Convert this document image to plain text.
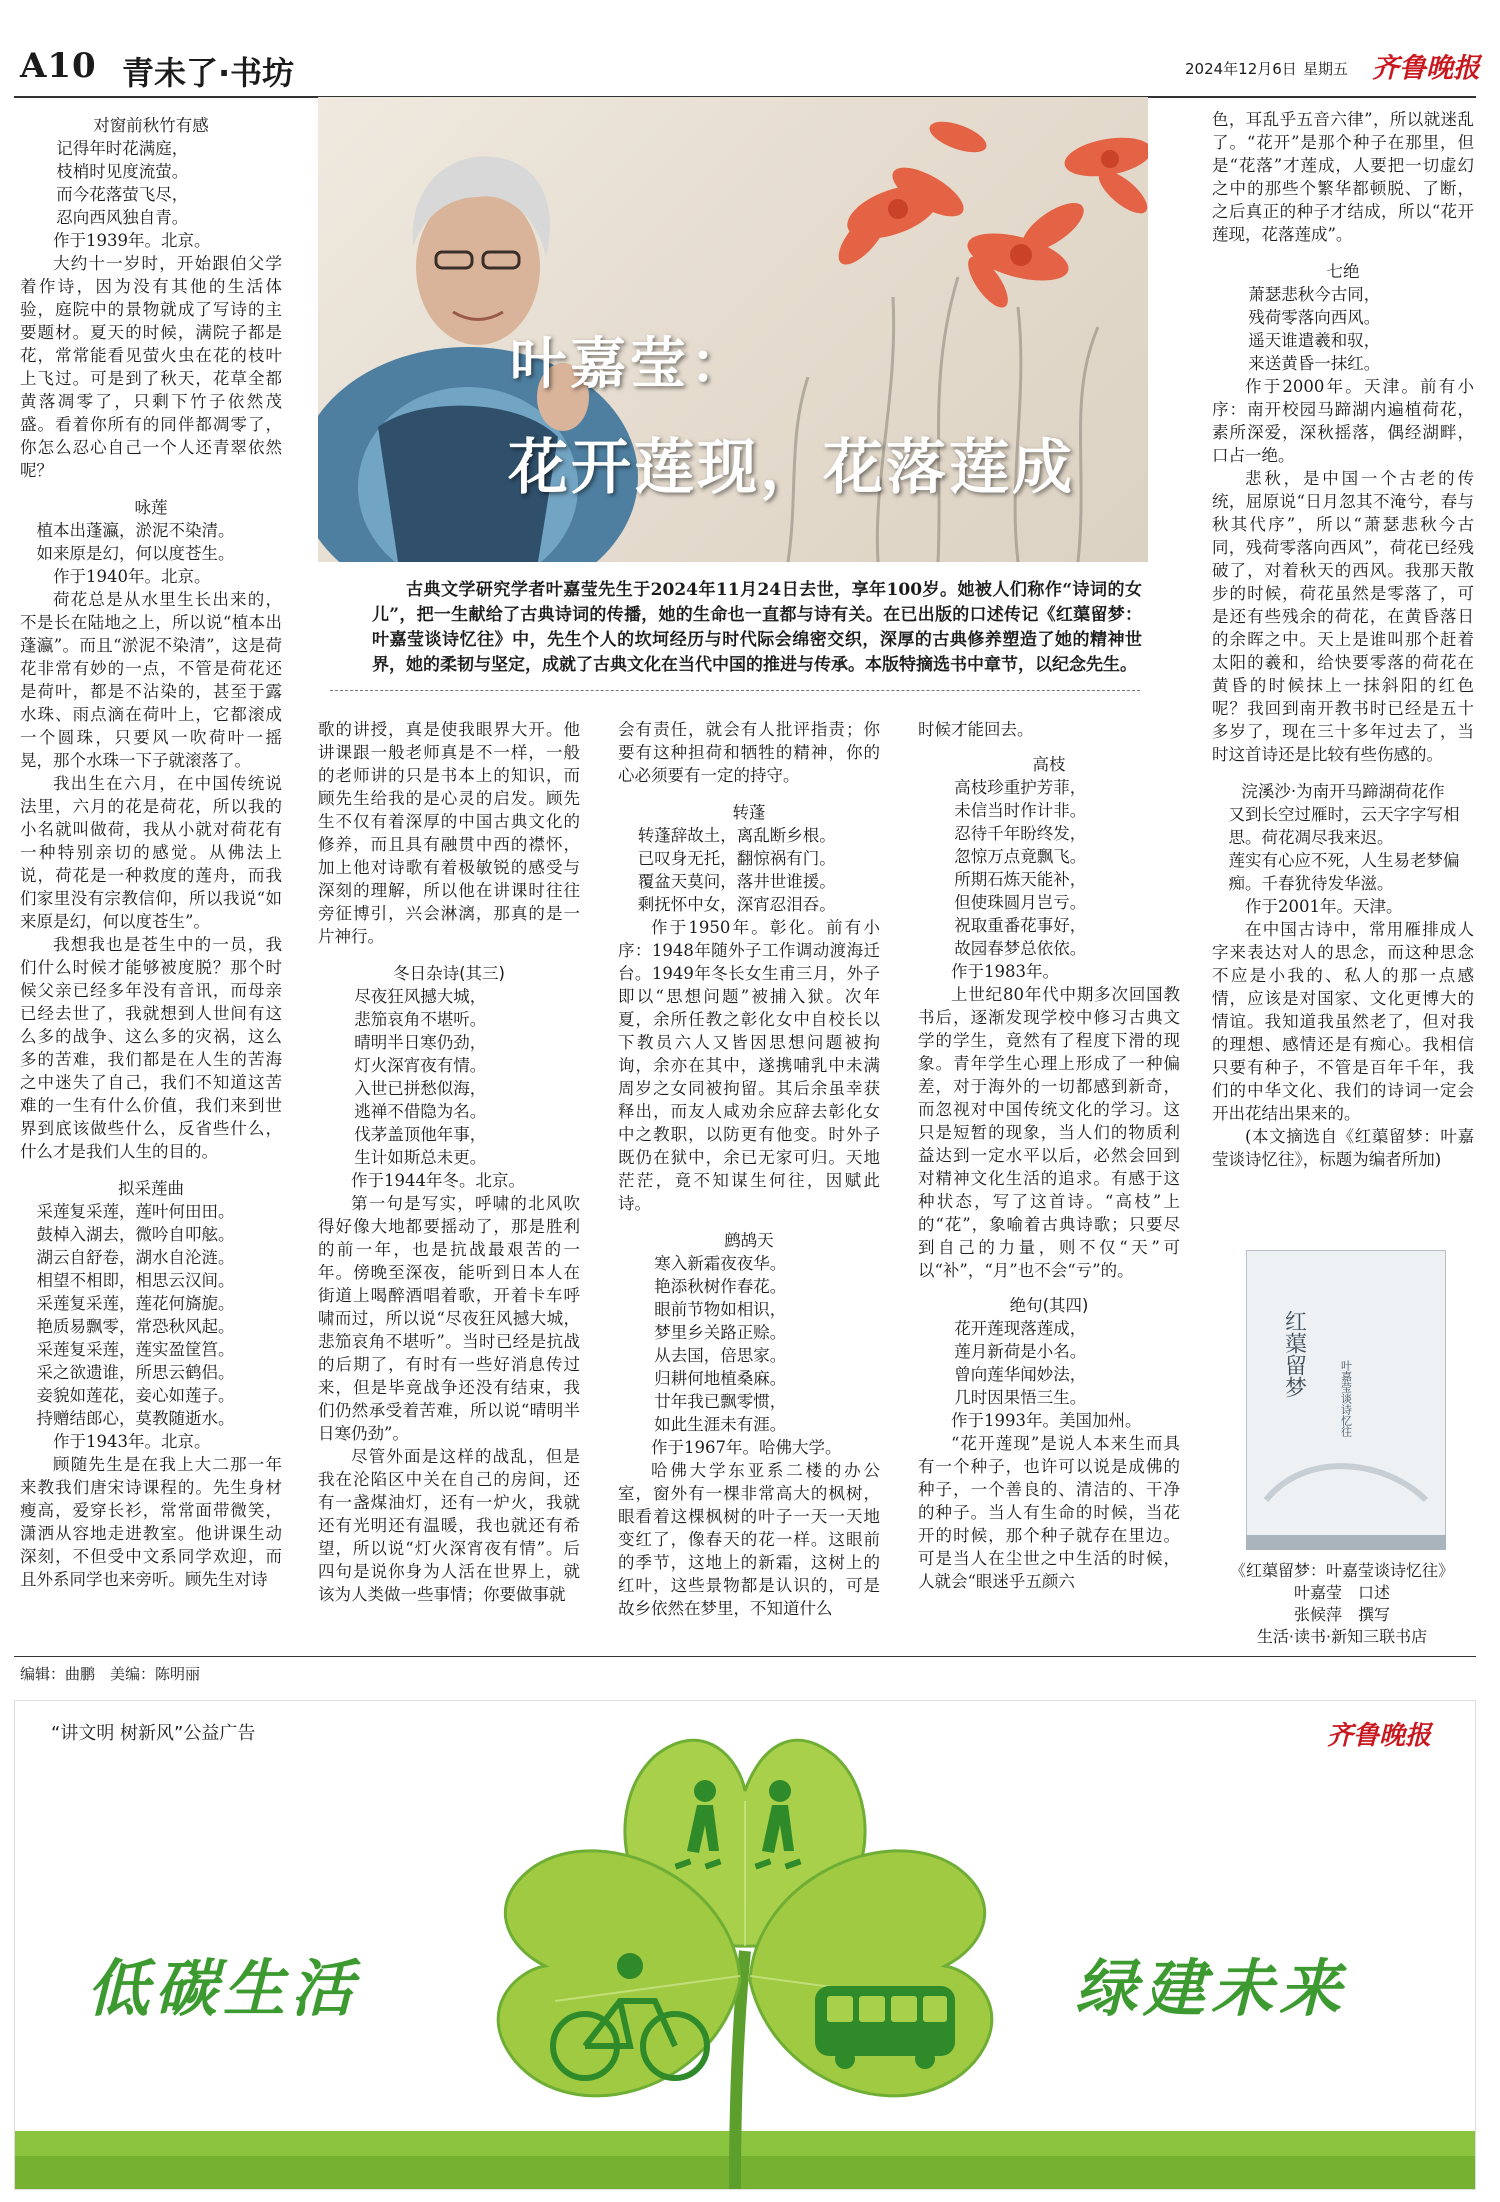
A10 青未了·书坊	2024年12月6日 星期五 齐鲁晚报
叶嘉莹：
花开莲现，花落莲成
古典文学研究学者叶嘉莹先生于2024年11月24日去世，享年100岁。她被人们称作“诗词的女儿”，把一生献给了古典诗词的传播，她的生命也一直都与诗有关。在已出版的口述传记《红蕖留梦：叶嘉莹谈诗忆往》中，先生个人的坎坷经历与时代际会绵密交织，深厚的古典修养塑造了她的精神世界，她的柔韧与坚定，成就了古典文化在当代中国的推进与传承。本版特摘选书中章节，以纪念先生。
对窗前秋竹有感
记得年时花满庭，
枝梢时见度流萤。
而今花落萤飞尽，
忍向西风独自青。

作于1939年。北京。

大约十一岁时，开始跟伯父学着作诗，因为没有其他的生活体验，庭院中的景物就成了写诗的主要题材。夏天的时候，满院子都是花，常常能看见萤火虫在花的枝叶上飞过。可是到了秋天，花草全都黄落凋零了，只剩下竹子依然茂盛。看着你所有的同伴都凋零了，你怎么忍心自己一个人还青翠依然呢？

咏莲
植本出蓬瀛，淤泥不染清。
如来原是幻，何以度苍生。

作于1940年。北京。

荷花总是从水里生长出来的，不是长在陆地之上，所以说“植本出蓬瀛”。而且“淤泥不染清”，这是荷花非常有妙的一点，不管是荷花还是荷叶，都是不沾染的，甚至于露水珠、雨点滴在荷叶上，它都滚成一个圆珠，只要风一吹荷叶一摇晃，那个水珠一下子就滚落了。

我出生在六月，在中国传统说法里，六月的花是荷花，所以我的小名就叫做荷，我从小就对荷花有一种特别亲切的感觉。从佛法上说，荷花是一种救度的莲舟，而我们家里没有宗教信仰，所以我说“如来原是幻，何以度苍生”。

我想我也是苍生中的一员，我们什么时候才能够被度脱？那个时候父亲已经多年没有音讯，而母亲已经去世了，我就想到人世间有这么多的战争、这么多的灾祸，这么多的苦难，我们都是在人生的苦海之中迷失了自己，我们不知道这苦难的一生有什么价值，我们来到世界到底该做些什么，反省些什么，什么才是我们人生的目的。

拟采莲曲
采莲复采莲，莲叶何田田。
鼓棹入湖去，微吟自叩舷。
湖云自舒卷，湖水自沦涟。
相望不相即，相思云汉间。
采莲复采莲，莲花何旖旎。
艳质易飘零，常恐秋风起。
采莲复采莲，莲实盈筐筥。
采之欲遗谁，所思云鹤侣。
妾貌如莲花，妾心如莲子。
持赠结郎心，莫教随逝水。

作于1943年。北京。

顾随先生是在我上大二那一年来教我们唐宋诗课程的。先生身材瘦高，爱穿长衫，常常面带微笑，潇洒从容地走进教室。他讲课生动深刻，不但受中文系同学欢迎，而且外系同学也来旁听。顾先生对诗

歌的讲授，真是使我眼界大开。他讲课跟一般老师真是不一样，一般的老师讲的只是书本上的知识，而顾先生给我的是心灵的启发。顾先生不仅有着深厚的中国古典文化的修养，而且具有融贯中西的襟怀，加上他对诗歌有着极敏锐的感受与深刻的理解，所以他在讲课时往往旁征博引，兴会淋漓，那真的是一片神行。

冬日杂诗(其三)
尽夜狂风撼大城，
悲笳哀角不堪听。
晴明半日寒仍劲，
灯火深宵夜有情。
入世已拼愁似海，
逃禅不借隐为名。
伐茅盖顶他年事，
生计如斯总未更。

作于1944年冬。北京。

第一句是写实，呼啸的北风吹得好像大地都要摇动了，那是胜利的前一年，也是抗战最艰苦的一年。傍晚至深夜，能听到日本人在街道上喝醉酒唱着歌，开着卡车呼啸而过，所以说“尽夜狂风撼大城，悲笳哀角不堪听”。当时已经是抗战的后期了，有时有一些好消息传过来，但是毕竟战争还没有结束，我们仍然承受着苦难，所以说“晴明半日寒仍劲”。

尽管外面是这样的战乱，但是我在沦陷区中关在自己的房间，还有一盏煤油灯，还有一炉火，我就还有光明还有温暖，我也就还有希望，所以说“灯火深宵夜有情”。后四句是说你身为人活在世界上，就该为人类做一些事情；你要做事就

会有责任，就会有人批评指责；你要有这种担荷和牺牲的精神，你的心必须要有一定的持守。

转蓬
转蓬辞故土，离乱断乡根。
已叹身无托，翻惊祸有门。
覆盆天莫问，落井世谁援。
剩抚怀中女，深宵忍泪吞。

作于1950年。彰化。前有小序：1948年随外子工作调动渡海迁台。1949年冬长女生甫三月，外子即以“思想问题”被捕入狱。次年夏，余所任教之彰化女中自校长以下教员六人又皆因思想问题被拘询，余亦在其中，遂携哺乳中未满周岁之女同被拘留。其后余虽幸获释出，而友人咸劝余应辞去彰化女中之教职，以防更有他变。时外子既仍在狱中，余已无家可归。天地茫茫，竟不知谋生何往，因赋此诗。

鹧鸪天
寒入新霜夜夜华。
艳添秋树作春花。
眼前节物如相识，
梦里乡关路正赊。
从去国，倍思家。
归耕何地植桑麻。
廿年我已飘零惯，
如此生涯未有涯。

作于1967年。哈佛大学。

哈佛大学东亚系二楼的办公室，窗外有一棵非常高大的枫树，眼看着这棵枫树的叶子一天一天地变红了，像春天的花一样。这眼前的季节，这地上的新霜，这树上的红叶，这些景物都是认识的，可是故乡依然在梦里，不知道什么

时候才能回去。

高枝
高枝珍重护芳菲，
未信当时作计非。
忍待千年盼终发，
忽惊万点竟飘飞。
所期石炼天能补，
但使珠圆月岂亏。
祝取重番花事好，
故园春梦总依依。

作于1983年。

上世纪80年代中期多次回国教书后，逐渐发现学校中修习古典文学的学生，竟然有了程度下滑的现象。青年学生心理上形成了一种偏差，对于海外的一切都感到新奇，而忽视对中国传统文化的学习。这只是短暂的现象，当人们的物质利益达到一定水平以后，必然会回到对精神文化生活的追求。有感于这种状态，写了这首诗。“高枝”上的“花”，象喻着古典诗歌；只要尽到自己的力量，则不仅“天”可以“补”，“月”也不会“亏”的。

绝句(其四)
花开莲现落莲成，
莲月新荷是小名。
曾向莲华闻妙法，
几时因果悟三生。

作于1993年。美国加州。

“花开莲现”是说人本来生而具有一个种子，也许可以说是成佛的种子，一个善良的、清洁的、干净的种子。当人有生命的时候，当花开的时候，那个种子就存在里边。可是当人在尘世之中生活的时候，人就会“眼迷乎五颜六

色，耳乱乎五音六律”，所以就迷乱了。“花开”是那个种子在那里，但是“花落”才莲成，人要把一切虚幻之中的那些个繁华都顿脱、了断，之后真正的种子才结成，所以“花开莲现，花落莲成”。

七绝
萧瑟悲秋今古同，
残荷零落向西风。
遥天谁遣羲和驭，
来送黄昏一抹红。

作于2000年。天津。前有小序：南开校园马蹄湖内遍植荷花，素所深爱，深秋摇落，偶经湖畔，口占一绝。

悲秋，是中国一个古老的传统，屈原说“日月忽其不淹兮，春与秋其代序”，所以“萧瑟悲秋今古同，残荷零落向西风”，荷花已经残破了，对着秋天的西风。我那天散步的时候，荷花虽然是零落了，可是还有些残余的荷花，在黄昏落日的余晖之中。天上是谁叫那个赶着太阳的羲和，给快要零落的荷花在黄昏的时候抹上一抹斜阳的红色呢？我回到南开教书时已经是五十多岁了，现在三十多年过去了，当时这首诗还是比较有些伤感的。

浣溪沙·为南开马蹄湖荷花作
又到长空过雁时，云天字字写相思。荷花凋尽我来迟。
莲实有心应不死，人生易老梦偏痴。千春犹待发华滋。

作于2001年。天津。

在中国古诗中，常用雁排成人字来表达对人的思念，而这种思念不应是小我的、私人的那一点感情，应该是对国家、文化更博大的情谊。我知道我虽然老了，但对我的理想、感情还是有痴心。我相信只要有种子，不管是百年千年，我们的中华文化、我们的诗词一定会开出花结出果来的。

(本文摘选自《红蕖留梦：叶嘉莹谈诗忆往》，标题为编者所加)

红蕖留梦
叶嘉莹谈诗忆往
《红蕖留梦：叶嘉莹谈诗忆往》
叶嘉莹　口述
张候萍　撰写
生活·读书·新知三联书店
编辑：曲鹏　美编：陈明丽
“讲文明 树新风”公益广告	齐鲁晚报
低碳生活	绿建未来
